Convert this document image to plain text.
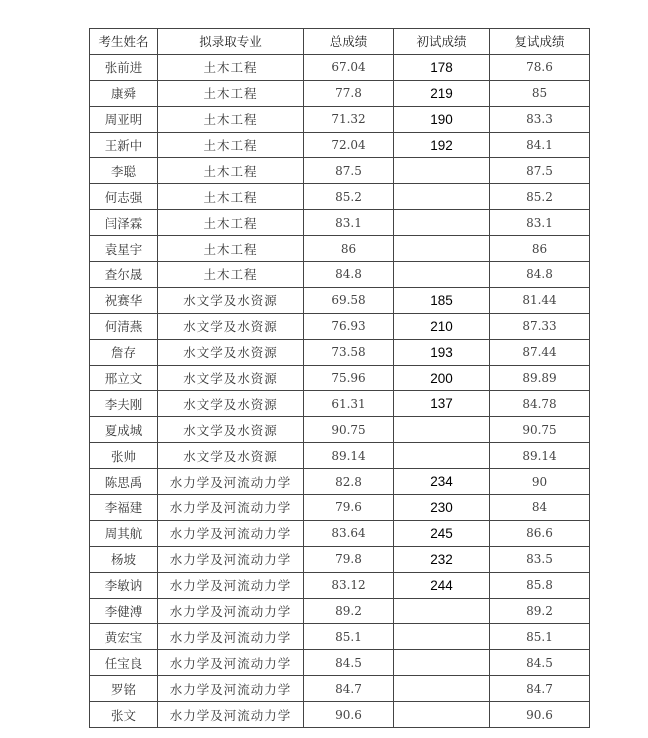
考生姓名	拟录取专业	总成绩	初试成绩	复试成绩
张前进	土木工程	67.04	178	78.6
康舜	土木工程	77.8	219	85
周亚明	土木工程	71.32	190	83.3
王新中	土木工程	72.04	192	84.1
李聪	土木工程	87.5		87.5
何志强	土木工程	85.2		85.2
闫泽霖	土木工程	83.1		83.1
袁星宇	土木工程	86		86
查尔晟	土木工程	84.8		84.8
祝赛华	水文学及水资源	69.58	185	81.44
何清燕	水文学及水资源	76.93	210	87.33
詹存	水文学及水资源	73.58	193	87.44
邢立文	水文学及水资源	75.96	200	89.89
李夫刚	水文学及水资源	61.31	137	84.78
夏成城	水文学及水资源	90.75		90.75
张帅	水文学及水资源	89.14		89.14
陈思禹	水力学及河流动力学	82.8	234	90
李福建	水力学及河流动力学	79.6	230	84
周其航	水力学及河流动力学	83.64	245	86.6
杨坡	水力学及河流动力学	79.8	232	83.5
李敏讷	水力学及河流动力学	83.12	244	85.8
李健溥	水力学及河流动力学	89.2		89.2
黄宏宝	水力学及河流动力学	85.1		85.1
任宝良	水力学及河流动力学	84.5		84.5
罗铭	水力学及河流动力学	84.7		84.7
张文	水力学及河流动力学	90.6		90.6
